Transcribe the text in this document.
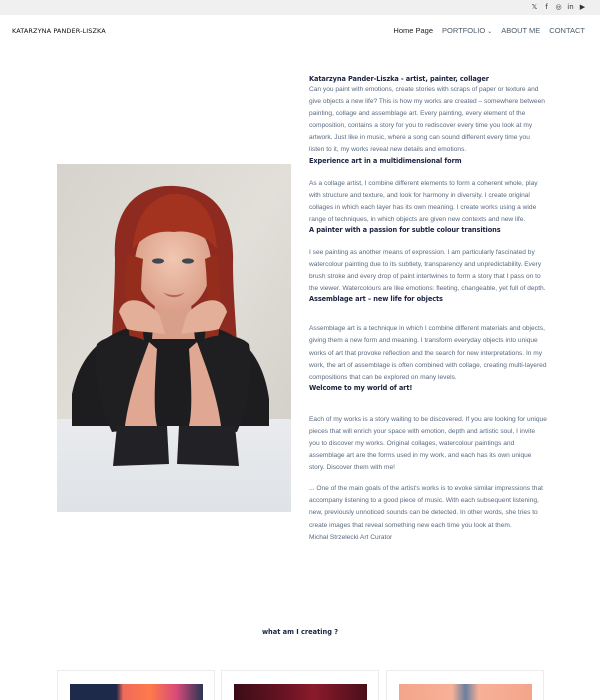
𝕏	f	◎ in ▶
KATARZYNA PANDER-LISZKA	Home Page PORTFOLIO ⌄ ABOUT ME CONTACT
Katarzyna Pander-Liszka - artist, painter, collager

Can you paint with emotions, create stories with scraps of paper or texture and give objects a new life? This is how my works are created – somewhere between painting, collage and assemblage art. Every painting, every element of the composition, contains a story for you to rediscover every time you look at my artwork. Just like in music, where a song can sound different every time you listen to it, my works reveal new details and emotions.

Experience art in a multidimensional form

As a collage artist, I combine different elements to form a coherent whole, play with structure and texture, and look for harmony in diversity. I create original collages in which each layer has its own meaning. I create works using a wide range of techniques, in which objects are given new contexts and new life.

A painter with a passion for subtle colour transitions

I see painting as another means of expression. I am particularly fascinated by watercolour painting due to its subtlety, transparency and unpredictability. Every brush stroke and every drop of paint intertwines to form a story that I pass on to the viewer. Watercolours are like emotions: fleeting, changeable, yet full of depth.

Assemblage art – new life for objects

Assemblage art is a technique in which I combine different materials and objects, giving them a new form and meaning. I transform everyday objects into unique works of art that provoke reflection and the search for new interpretations. In my work, the art of assemblage is often combined with collage, creating multi-layered compositions that can be explored on many levels.

Welcome to my world of art!

Each of my works is a story waiting to be discovered. If you are looking for unique pieces that will enrich your space with emotion, depth and artistic soul, I invite you to discover my works. Original collages, watercolour paintings and assemblage art are the forms used in my work, and each has its own unique story. Discover them with me!

... One of the main goals of the artist's works is to evoke similar impressions that accompany listening to a good piece of music. With each subsequent listening, new, previously unnoticed sounds can be detected. In other words, she tries to create images that reveal something new each time you look at them.

Michał Strzelecki Art Curator

what am I creating ?
